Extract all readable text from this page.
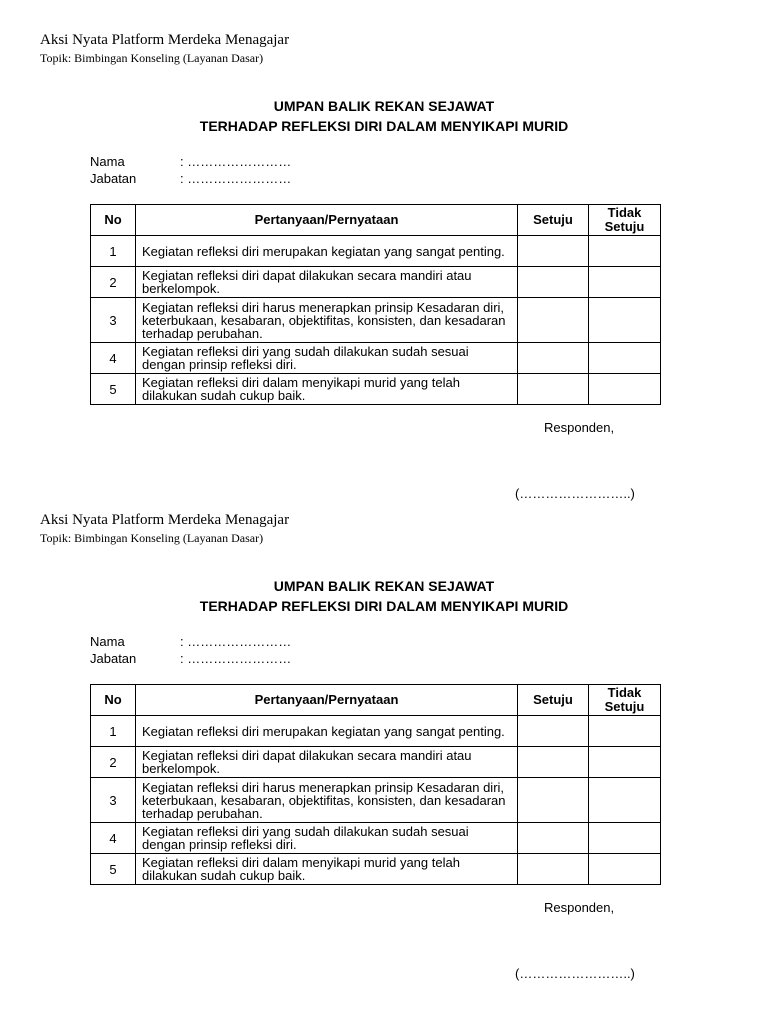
Aksi Nyata Platform Merdeka Menagajar
Topik: Bimbingan Konseling (Layanan Dasar)
UMPAN BALIK REKAN SEJAWAT
TERHADAP REFLEKSI DIRI DALAM MENYIKAPI MURID
Nama	: ……………………
Jabatan	: ……………………
No	Pertanyaan/Pernyataan	Setuju	Tidak Setuju
1	Kegiatan refleksi diri merupakan kegiatan yang sangat penting.		
2	Kegiatan refleksi diri dapat dilakukan secara mandiri atau berkelompok.		
3	Kegiatan refleksi diri harus menerapkan prinsip Kesadaran diri, keterbukaan, kesabaran, objektifitas, konsisten, dan kesadaran terhadap perubahan.		
4	Kegiatan refleksi diri yang sudah dilakukan sudah sesuai dengan prinsip refleksi diri.		
5	Kegiatan refleksi diri dalam menyikapi murid yang telah dilakukan sudah cukup baik.		
Responden,
(……………………..)
Aksi Nyata Platform Merdeka Menagajar
Topik: Bimbingan Konseling (Layanan Dasar)
UMPAN BALIK REKAN SEJAWAT
TERHADAP REFLEKSI DIRI DALAM MENYIKAPI MURID
Nama	: ……………………
Jabatan	: ……………………
No	Pertanyaan/Pernyataan	Setuju	Tidak Setuju
1	Kegiatan refleksi diri merupakan kegiatan yang sangat penting.		
2	Kegiatan refleksi diri dapat dilakukan secara mandiri atau berkelompok.		
3	Kegiatan refleksi diri harus menerapkan prinsip Kesadaran diri, keterbukaan, kesabaran, objektifitas, konsisten, dan kesadaran terhadap perubahan.		
4	Kegiatan refleksi diri yang sudah dilakukan sudah sesuai dengan prinsip refleksi diri.		
5	Kegiatan refleksi diri dalam menyikapi murid yang telah dilakukan sudah cukup baik.		
Responden,
(……………………..)
